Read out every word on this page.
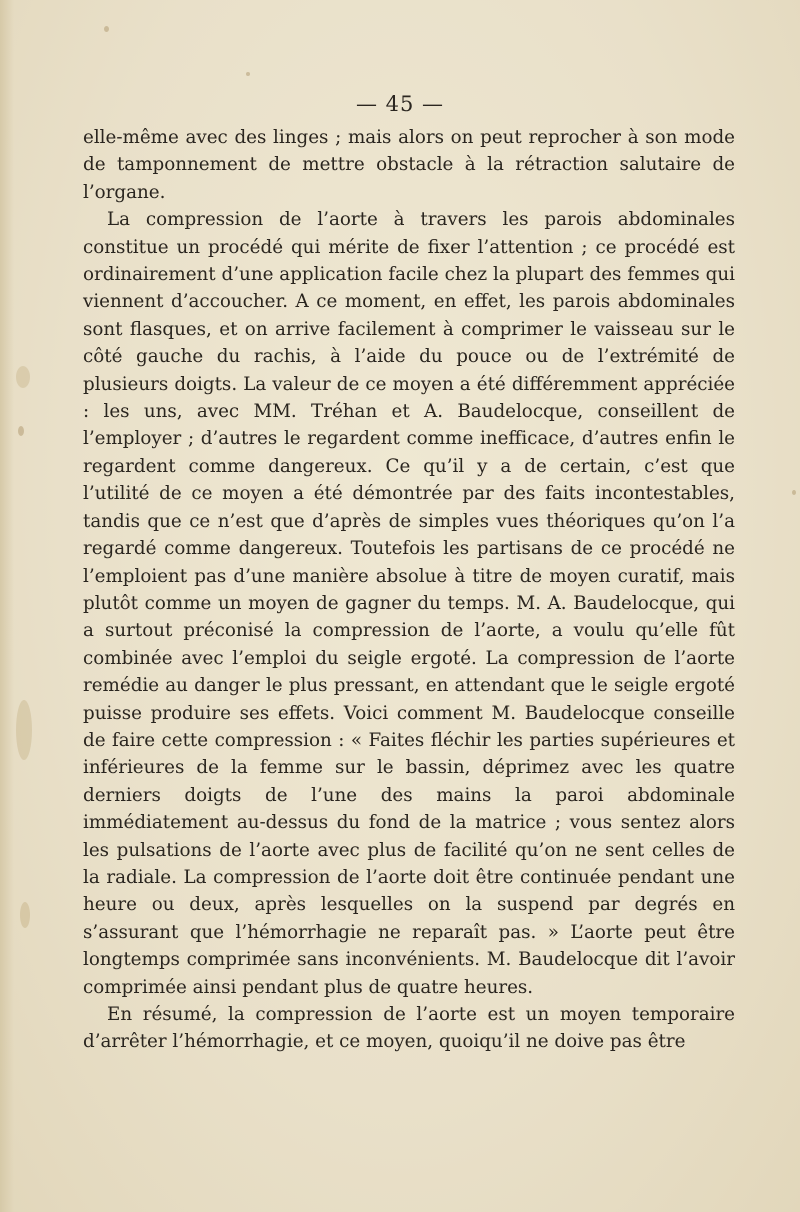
— 45 —

elle-même avec des linges ; mais alors on peut reprocher à son mode de tamponnement de mettre obstacle à la rétraction salutaire de l’organe.

La compression de l’aorte à travers les parois abdominales constitue un procédé qui mérite de fixer l’attention ; ce procédé est ordinairement d’une application facile chez la plupart des femmes qui viennent d’accoucher. A ce moment, en effet, les parois abdominales sont flasques, et on arrive facilement à comprimer le vaisseau sur le côté gauche du rachis, à l’aide du pouce ou de l’extrémité de plusieurs doigts. La valeur de ce moyen a été différemment appréciée : les uns, avec MM. Tréhan et A. Baudelocque, conseillent de l’employer ; d’autres le regardent comme inefficace, d’autres enfin le regardent comme dangereux. Ce qu’il y a de certain, c’est que l’utilité de ce moyen a été démontrée par des faits incontestables, tandis que ce n’est que d’après de simples vues théoriques qu’on l’a regardé comme dangereux. Toutefois les partisans de ce procédé ne l’emploient pas d’une manière absolue à titre de moyen curatif, mais plutôt comme un moyen de gagner du temps. M. A. Baudelocque, qui a surtout préconisé la compression de l’aorte, a voulu qu’elle fût combinée avec l’emploi du seigle ergoté. La compression de l’aorte remédie au danger le plus pressant, en attendant que le seigle ergoté puisse produire ses effets. Voici comment M. Baudelocque conseille de faire cette compression : « Faites fléchir les parties supérieures et inférieures de la femme sur le bassin, déprimez avec les quatre derniers doigts de l’une des mains la paroi abdominale immédiatement au-dessus du fond de la matrice ; vous sentez alors les pulsations de l’aorte avec plus de facilité qu’on ne sent celles de la radiale. La compression de l’aorte doit être continuée pendant une heure ou deux, après lesquelles on la suspend par degrés en s’assurant que l’hémorrhagie ne reparaît pas. » L’aorte peut être longtemps comprimée sans inconvénients. M. Baudelocque dit l’avoir comprimée ainsi pendant plus de quatre heures.

En résumé, la compression de l’aorte est un moyen temporaire d’arrêter l’hémorrhagie, et ce moyen, quoiqu’il ne doive pas être
